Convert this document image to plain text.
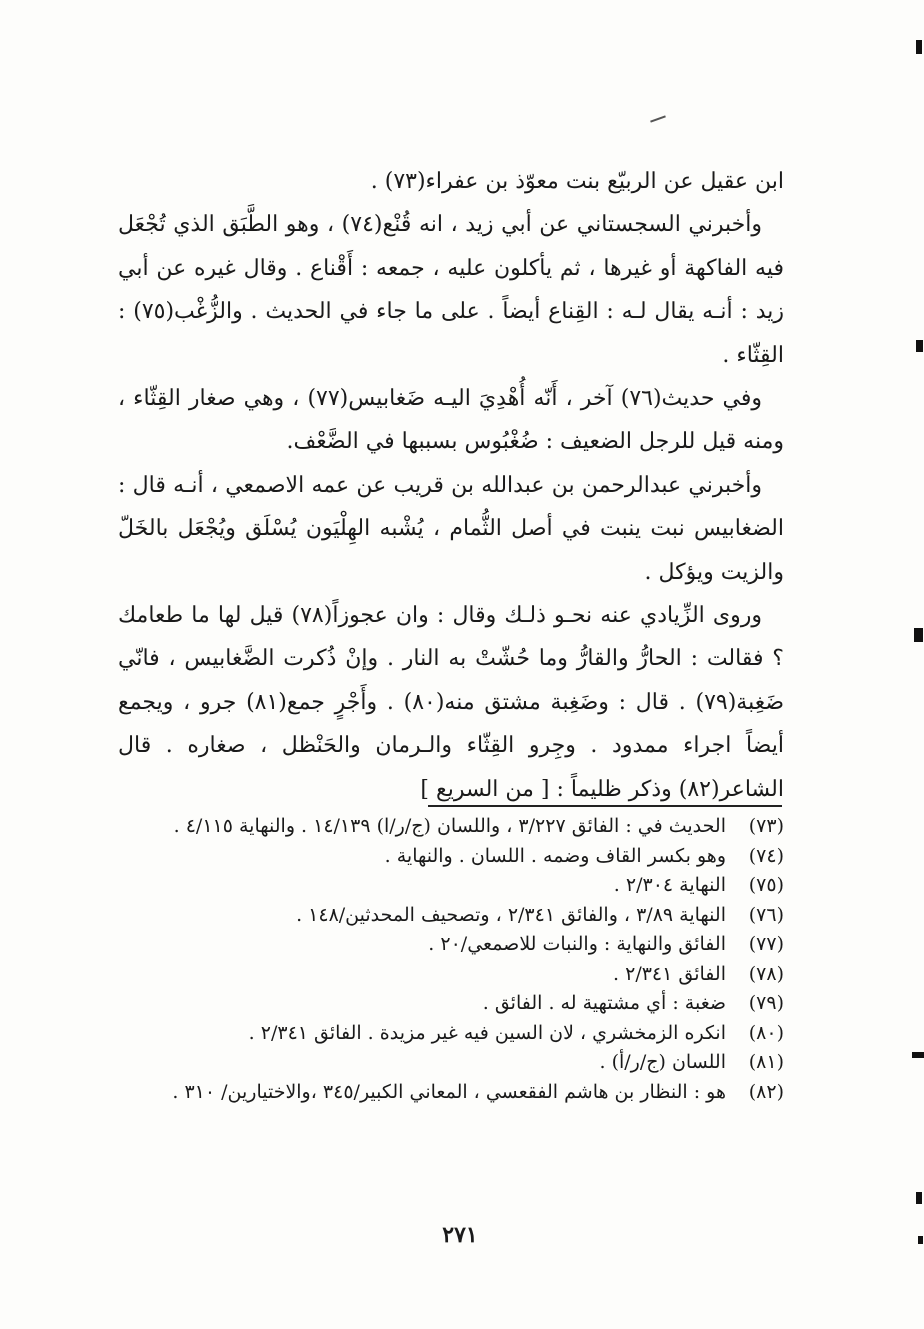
ابن عقيل عن الربيّع بنت معوّذ بن عفراء(٧٣) .

وأخبرني السجستاني عن أبي زيد ، انه قُنْع(٧٤) ، وهو الطَّبَق الذي تُجْعَل فيه الفاكهة أو غيرها ، ثم يأكلون عليه ، جمعه : أَقْناع . وقال غيره عن أبي زيد : أنـه يقال لـه : القِناع أيضاً . على ما جاء في الحديث . والزُّغْب(٧٥) : القِثّاء .

وفي حديث(٧٦) آخر ، أَنّه أُهْدِيَ اليـه ضَغابيس(٧٧) ، وهي صغار القِثّاء ، ومنه قيل للرجل الضعيف : ضُغْبُوس بسببها في الضَّعْف.

وأخبرني عبدالرحمن بن عبدالله بن قريب عن عمه الاصمعي ، أنـه قال : الضغابيس نبت ينبت في أصل الثُّمام ، يُشْبه الهِلْيَون يُسْلَق ويُجْعَل بالخَلّ والزيت ويؤكل .

وروى الزِّيادي عنه نحـو ذلـك وقال : وان عجوزاً(٧٨) قيل لها ما طعامك ؟ فقالت : الحارُّ والقارُّ وما حُشّتْ به النار . وإنْ ذُكرت الضَّغابيس ، فانّي ضَغِبة(٧٩) . قال : وضَغِبة مشتق منه(٨٠) . وأَجْرٍ جمع(٨١) جرو ، ويجمع أيضاً اجراء ممدود . وجِرو القِثّاء والـرمان والحَنْظل ، صغاره . قال الشاعر(٨٢) وذكر ظليماً : [ من السريع ]

(٧٣)
الحديث في : الفائق ٣/٢٢٧ ، واللسان (ج/ر/ا) ١٤/١٣٩ . والنهاية ٤/١١٥ .
(٧٤)
وهو بكسر القاف وضمه . اللسان . والنهاية .
(٧٥)
النهاية ٢/٣٠٤ .
(٧٦)
النهاية ٣/٨٩ ، والفائق ٢/٣٤١ ، وتصحيف المحدثين/١٤٨ .
(٧٧)
الفائق والنهاية : والنبات للاصمعي/٢٠ .
(٧٨)
الفائق ٢/٣٤١ .
(٧٩)
ضغبة : أي مشتهية له . الفائق .
(٨٠)
انكره الزمخشري ، لان السين فيه غير مزيدة . الفائق ٢/٣٤١ .
(٨١)
اللسان (ج/ر/أ) .
(٨٢)
هو : النظار بن هاشم الفقعسي ، المعاني الكبير/٣٤٥ ،والاختيارين/ ٣١٠ .
٢٧١
